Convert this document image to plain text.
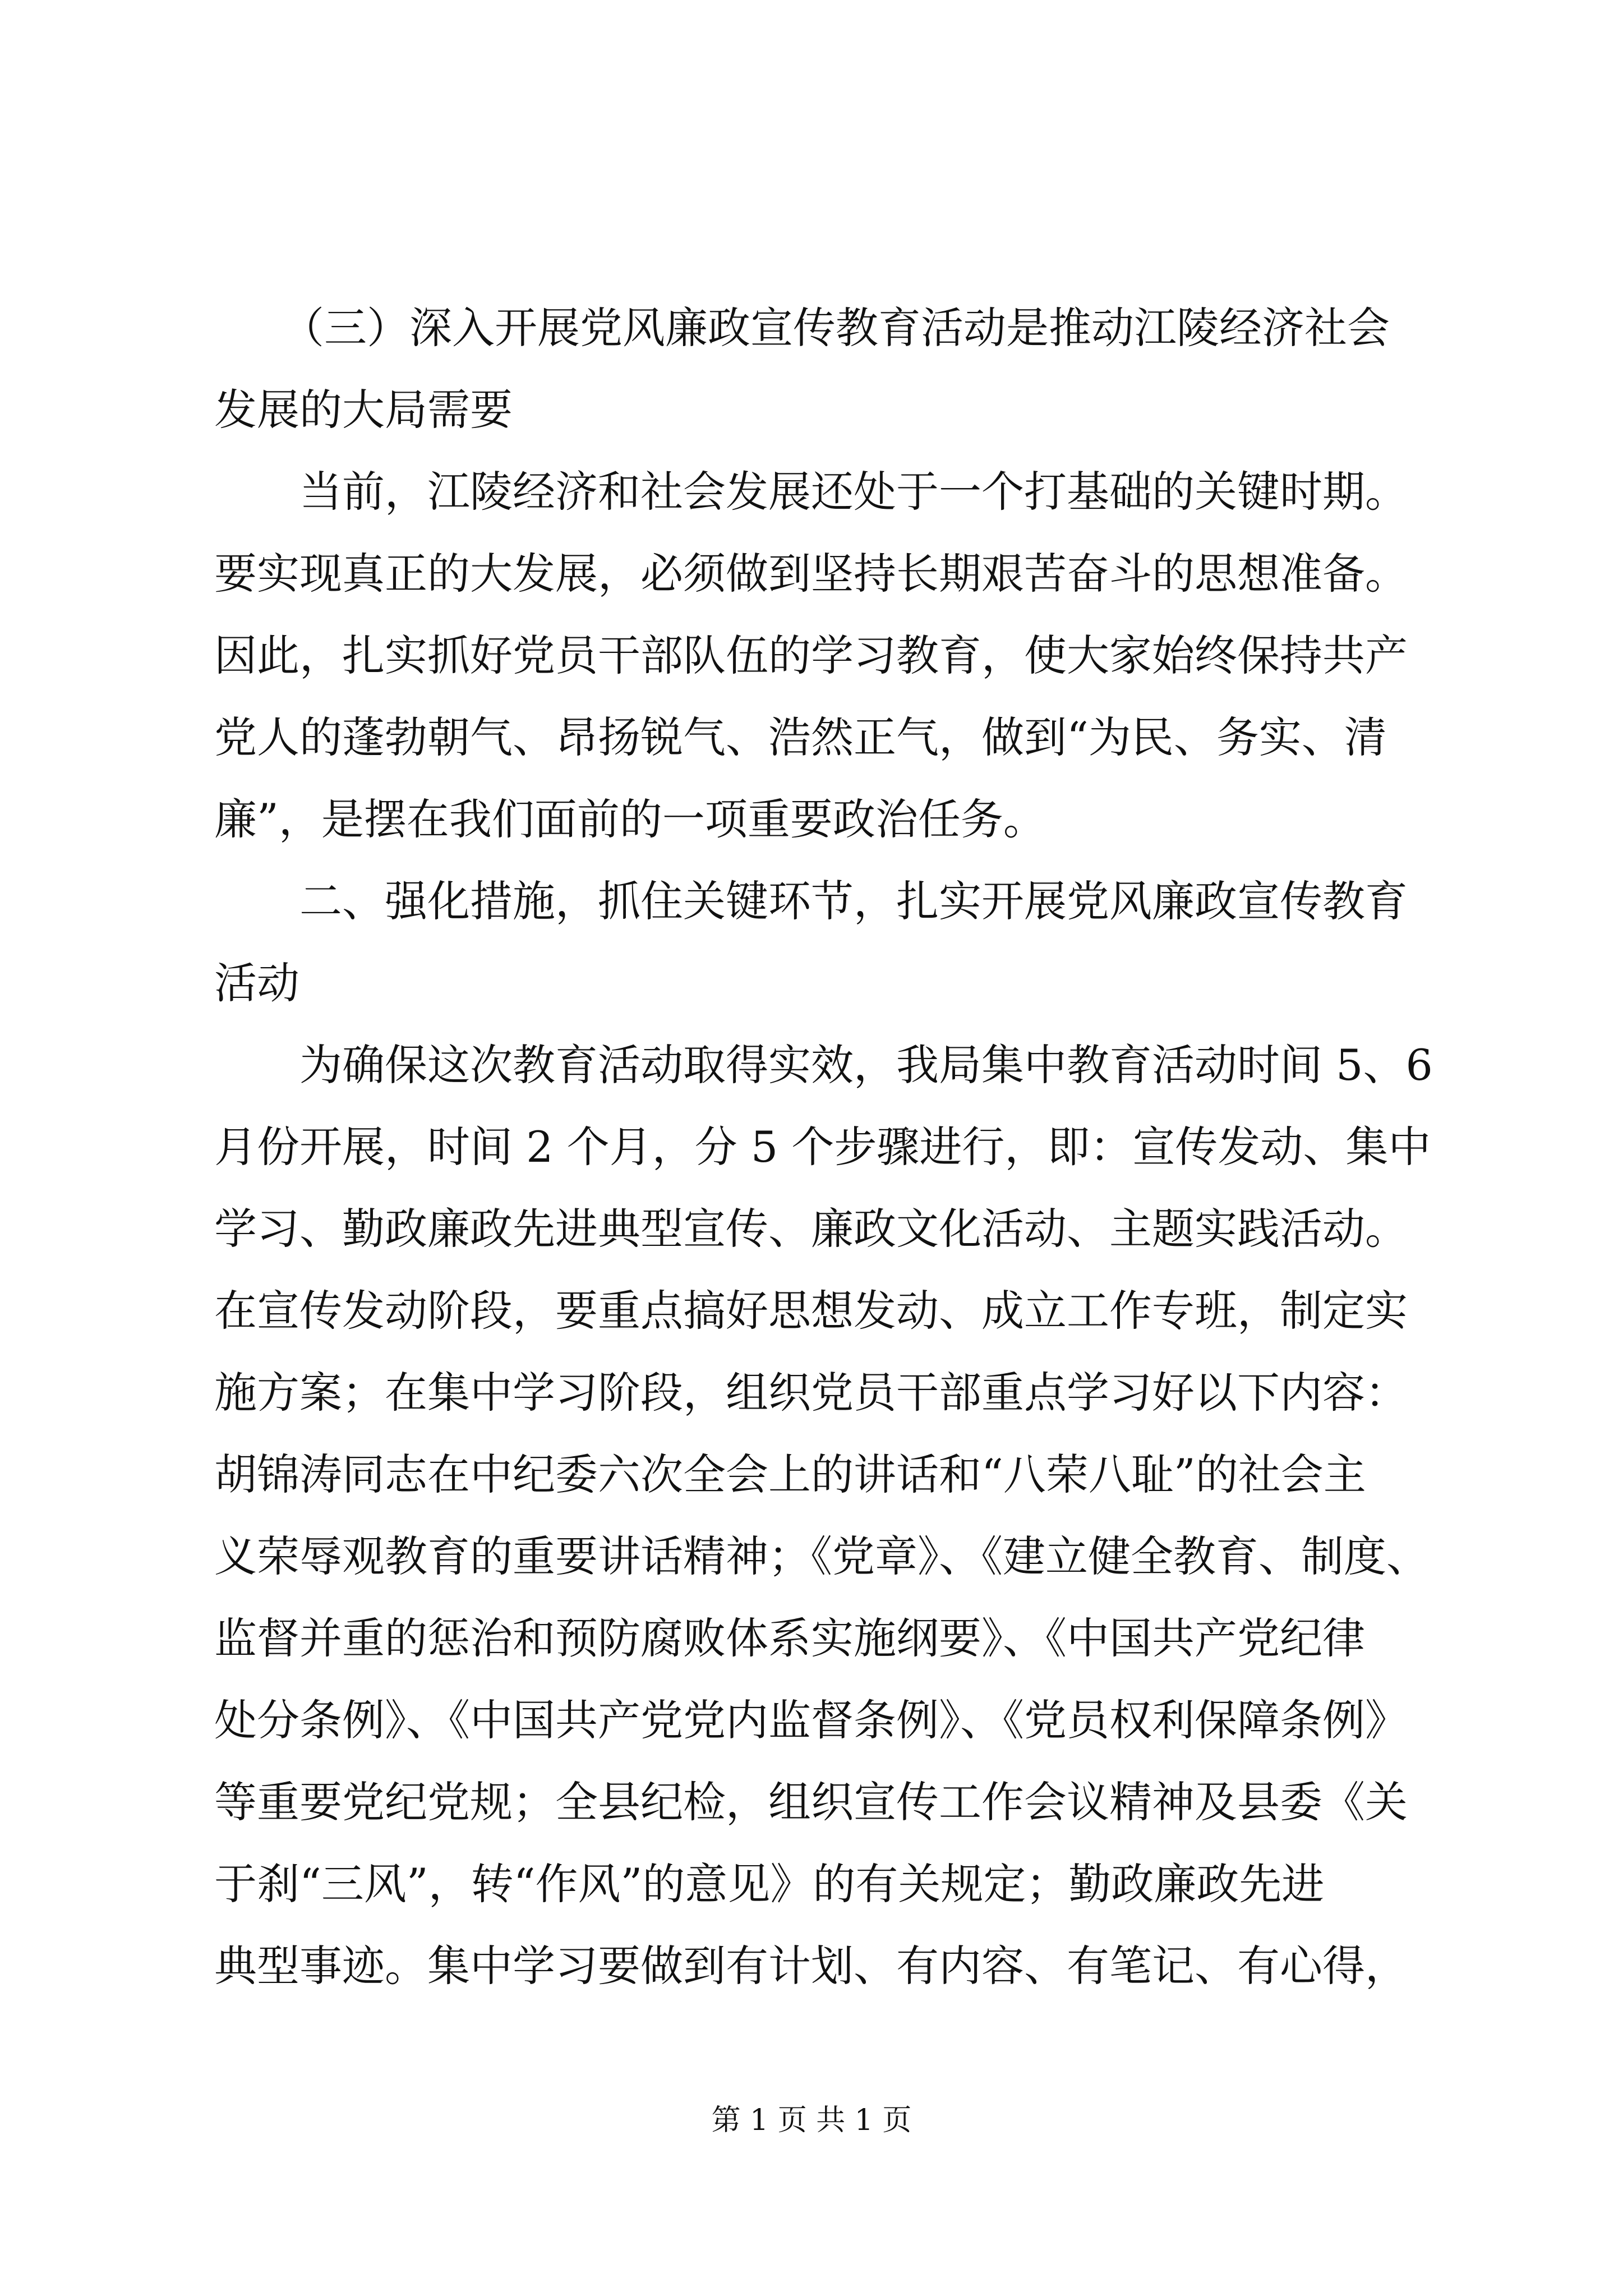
（三）深入开展党风廉政宣传教育活动是推动江陵经济社会
发展的大局需要
当前，江陵经济和社会发展还处于一个打基础的关键时期。
要实现真正的大发展，必须做到坚持长期艰苦奋斗的思想准备。
因此，扎实抓好党员干部队伍的学习教育，使大家始终保持共产
党人的蓬勃朝气、昂扬锐气、浩然正气，做到“为民、务实、清
廉”，是摆在我们面前的一项重要政治任务。
二、强化措施，抓住关键环节，扎实开展党风廉政宣传教育
活动
为确保这次教育活动取得实效，我局集中教育活动时间 5、6
月份开展，时间 2 个月，分 5 个步骤进行，即：宣传发动、集中
学习、勤政廉政先进典型宣传、廉政文化活动、主题实践活动。
在宣传发动阶段，要重点搞好思想发动、成立工作专班，制定实
施方案；在集中学习阶段，组织党员干部重点学习好以下内容：
胡锦涛同志在中纪委六次全会上的讲话和“八荣八耻”的社会主
义荣辱观教育的重要讲话精神；《党章》、《建立健全教育、制度、
监督并重的惩治和预防腐败体系实施纲要》、《中国共产党纪律
处分条例》、《中国共产党党内监督条例》、《党员权利保障条例》
等重要党纪党规；全县纪检，组织宣传工作会议精神及县委《关
于刹“三风”，转“作风”的意见》的有关规定；勤政廉政先进
典型事迹。集中学习要做到有计划、有内容、有笔记、有心得，
第 1 页 共 1 页
